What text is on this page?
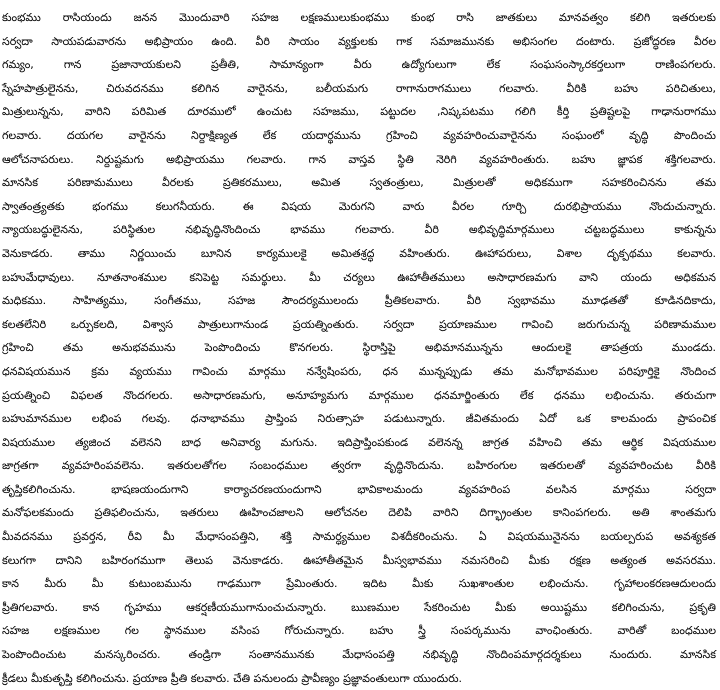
కుంభము రాసియందు జనన మొందువారి సహజ లక్షణములుకుంభము కుంభ రాసి జాతకులు మానవత్వం కలిగి ఇతరులకు
సర్వదా సాయపడువారను అభిప్రాయం ఉంది. వీరి సాయం వ్యక్తులకు గాక సమాజమునకు అభిసంగల దంటారు. ప్రజోద్ధరణ వీరల
గమ్యం, గాన ప్రజానాయకులని ప్రతీతి, సామాన్యంగా వీరు ఉద్యోగులుగా లేక సంఘసంస్కారకర్తలుగా రాణింపగలరు.
స్నేహపాత్రులైనను, చిరువదనము కలిగిన వారైనను, బలీయమగు రాగానురాగములు గలవారు. వీరికి బహు పరిచితులు,
మిత్రులున్నను, వారిని పరిమిత దూరములో ఉంచుట సహజము, పట్టుదల ,నిష్కపటము గలిగి కీర్తి ప్రతిష్టలపై గాఢానురాగము
గలవారు. దయగల వారైనను నిర్దాక్షిణ్యత లేక యదార్థమును గ్రహించి వ్యవహరించువారైనను సంఘంలో వృద్ధి పొందించు
ఆలోచనాపరులు. నిర్దుష్టమగు అభిప్రాయము గలవారు. గాన వాస్తవ స్థితి నెరిగి వ్యవహరింతురు. బహు జ్ఞాపక శక్తిగలవారు.
మానసిక పరిణామములు వీరలకు ప్రతికరములు, అమిత స్వతంత్రులు, మిత్రులతో అధికముగా సహకరించినను తమ
స్వాతంత్ర్యతకు భంగము కలుగనీయరు. ఈ విషయ మెరుగని వారు వీరల గూర్చి దురభిప్రాయము నొందుచున్నారు.
న్యాయబద్ధులైనను, పరిస్థితుల నభివృద్ధినొందించు భావము గలవారు. వీరి అభివృద్ధిమార్గములు చట్టబద్ధములు కాకున్నను
వెనుకాడరు. తాము నిర్ణయించు బూనిన కార్యములకై అమితశ్రద్ధ వహింతురు. ఊహాపరులు, విశాల దృక్పథము కలవారు.
బహుమేధావులు. నూతనాంశముల కనిపెట్ట సమర్థులు. మీ చర్యలు ఊహాతీతములు అసాధారణమగు వాని యందు అధికమన
మధికము. సాహిత్యము, సంగీతము, సహజ సౌందర్యములందు ప్రీతికలవారు. వీరి స్వభావము మూఢతతో కూడినదికాదు,
కలతలేనిరి ఒర్పుకలది, విశ్వాస పాత్రులుగానుండ ప్రయత్నింతురు. సర్వదా ప్రయాణముల గావించి జరుగుచున్న పరిణామముల
గ్రహించి తమ అనుభవమును పెంపొందించు కొనగలరు. స్థిరాస్తిపై అభిమానమున్నను ఆందులకై తాపత్రయ ముండదు.
ధనవిషయమున క్రమ వ్యయము గావించు మార్గము నన్వేషింపరు, ధన మున్నప్పుడు తమ మనోభావముల పరిపూర్తికై నొందించ
ప్రయత్నించి విఫలత నొందగలరు. అసాధారణమగు, అనూహ్యమగు మార్గముల ధనమార్జింతురు లేక ధనము లభించును. తరుచుగా
బహుమానముల లభింప గలవు. ధనాభావము ప్రాప్తింప నిరుత్సాహ పడుటున్నారు. జీవితమందు ఏదో ఒక కాలమందు ప్రాపంచిక
విషయముల త్యజించ వలెనని బాధ అనివార్య మగును. ఇదిప్రాప్తింపకుండ వలెనన్న జాగ్రత వహించి తమ ఆర్థిక విషయముల
జాగ్రతగా వ్యవహరింపవలెను. ఇతరులతోగల సంబంధముల త్వరగా వృద్ధినొందును. బహిరంగుల ఇతరులతో వ్యవహరించుట వీరికి
తృప్తికలిగించును. భాషణయందుగాని కార్యాచరణయందుగాని భావికాలమందు వ్యవహరింప వలసిన మార్గము సర్వదా
మనోఫలకమందు ప్రతిఫలించును, ఇతరులు ఊహించజాలని ఆలోచనల దెలిపి వారిని దిగ్భ్రాంతుల కానింపగలరు. అతి శాంతమగు
మీవదనము ప్రవర్తన, రీవి మీ మేధాసంపత్తిని, శక్తి సామర్ధ్యముల విశదీకరించును. ఏ విషయమునైనను బయల్పరుప అవశ్యకత
కలుగగా దానిని బహిరంగముగా తెలుప వెనుకాడరు. ఊహాతీతమైన మీస్వభావము నమసరించి మీకు రక్షణ అత్యంత అవసరము.
కాన మీరు మీ కుటుంబమును గాఢముగా ప్రేమింతురు. ఇదిట మీకు సుఖశాంతుల లభించును. గృహాలంకరణఆదులందు
ప్రీతిగలవారు. కాన గృహము ఆకర్షణీయముగానుంచుచున్నారు. ఋణముల సేకరించుట మీకు అయిష్టము కలిగించును, ప్రకృతి
సహజ లక్షణముల గల స్థానముల వసింప గోరుచున్నారు. బహు స్త్రీ సంపర్కమును వాంఛింతురు. వారితో బంధముల
పెంపొందించుట మనస్కరించరు. తండ్రిగా సంతానమునకు మేధాసంపత్తి నభివృద్ధి నొందింపమార్గదర్శకులు నుందురు. మానసిక
క్రీడలు మీకుతృప్తి కలిగించును. ప్రయాణ ప్రీతి కలవారు. చేతి పనులందు ప్రావీణ్యం ప్రజ్ఞావంతులుగా యుందురు.
